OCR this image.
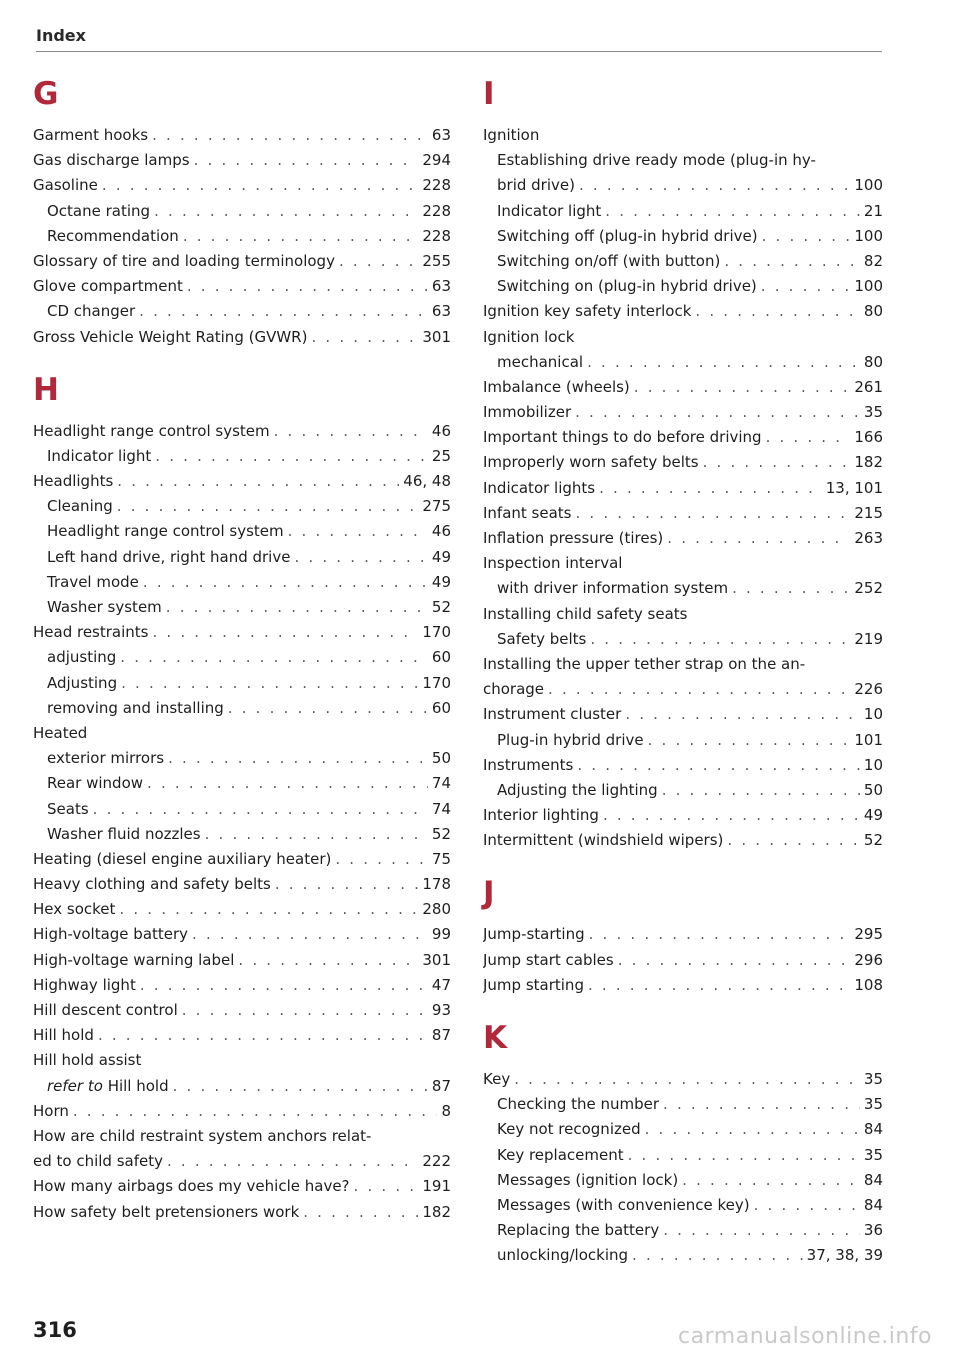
Index
G
Garment hooks . . .	63
Gas discharge lamps . . .	294
Gasoline . . .	228
Octane rating . . .	228
Recommendation . . .	228
Glossary of tire and loading terminology . . .	255
Glove compartment . . .	63
CD changer . . .	63
Gross Vehicle Weight Rating (GVWR) . . .	301
H
Headlight range control system . . .	46
Indicator light . . .	25
Headlights . . .	46, 48
Cleaning . . .	275
Headlight range control system . . .	46
Left hand drive, right hand drive . . .	49
Travel mode . . .	49
Washer system . . .	52
Head restraints . . .	170
adjusting . . .	60
Adjusting . . .	170
removing and installing . . .	60
Heated
exterior mirrors . . .	50
Rear window . . .	74
Seats . . .	74
Washer fluid nozzles . . .	52
Heating (diesel engine auxiliary heater) . . .	75
Heavy clothing and safety belts . . .	178
Hex socket . . .	280
High-voltage battery . . .	99
High-voltage warning label . . .	301
Highway light . . .	47
Hill descent control . . .	93
Hill hold . . .	87
Hill hold assist
refer to Hill hold . . .	87
Horn . . .	8
How are child restraint system anchors relat-
ed to child safety . . .	222
How many airbags does my vehicle have? . . .	191
How safety belt pretensioners work . . .	182
I
Ignition
Establishing drive ready mode (plug-in hy-
brid drive) . . .	100
Indicator light . . .	21
Switching off (plug-in hybrid drive) . . .	100
Switching on/off (with button) . . .	82
Switching on (plug-in hybrid drive) . . .	100
Ignition key safety interlock . . .	80
Ignition lock
mechanical . . .	80
Imbalance (wheels) . . .	261
Immobilizer . . .	35
Important things to do before driving . . .	166
Improperly worn safety belts . . .	182
Indicator lights . . .	13, 101
Infant seats . . .	215
Inflation pressure (tires) . . .	263
Inspection interval
with driver information system . . .	252
Installing child safety seats
Safety belts . . .	219
Installing the upper tether strap on the an-
chorage . . .	226
Instrument cluster . . .	10
Plug-in hybrid drive . . .	101
Instruments . . .	10
Adjusting the lighting . . .	50
Interior lighting . . .	49
Intermittent (windshield wipers) . . .	52
J
Jump-starting . . .	295
Jump start cables . . .	296
Jump starting . . .	108
K
Key . . .	35
Checking the number . . .	35
Key not recognized . . .	84
Key replacement . . .	35
Messages (ignition lock) . . .	84
Messages (with convenience key) . . .	84
Replacing the battery . . .	36
unlocking/locking . . .	37, 38, 39
316	carmanualsonline.info
